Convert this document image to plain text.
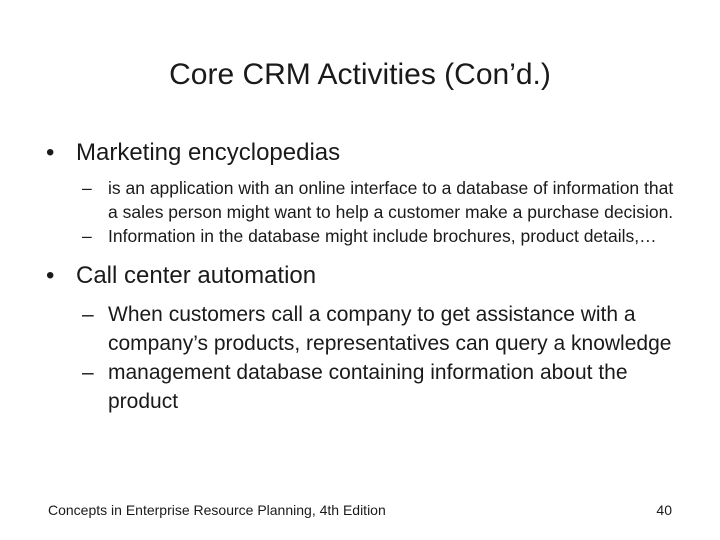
Core CRM Activities (Con’d.)
• Marketing encyclopedias
– is an application with an online interface to a database of information that a sales person might want to help a customer make a purchase decision.
– Information in the database might include brochures, product details,…
• Call center automation
– When customers call a company to get assistance with a company’s products, representatives can query a knowledge
– management database containing information about the product
Concepts in Enterprise Resource Planning, 4th Edition	40
